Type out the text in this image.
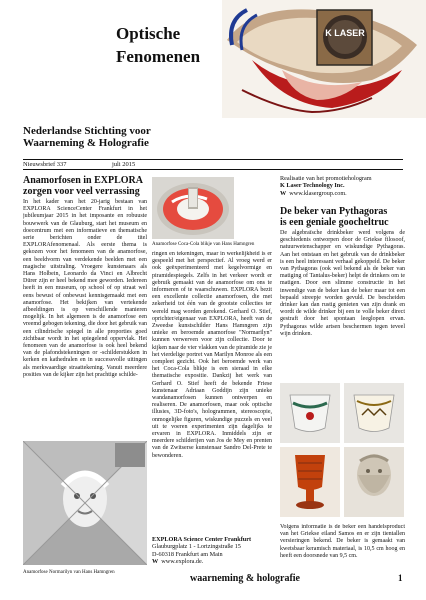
Optische
Fenomenen
K LASER
Nederlandse Stichting voor
Waarneming & Holografie
Nieuwsbrief 337	juli 2015
Anamorfosen in EXPLORA
zorgen voor veel verrassing

In het kader van het 20-jarig bestaan van EXPLORA ScienceCenter Frankfurt in het jubileumjaar 2015 in het imposante en robuuste bouwwerk van de Glauburg, start het museum en doecentrum met een informatieve en thematische serie berichten onder de titel EXPLORAfenomenaal. Als eerste thema is gekozen voor het fenomeen van de anamorfose, een beeldvorm van verdekende beelden met een magische uitstraling. Vroegere kunstenaars als Hans Holbein, Leonardo da Vinci en Albrecht Dürer zijn er heel bekend mee geworden. Iedereen heeft in een museum, op school of op straat wel eens bewust of onbewust kennisgemaakt met een anamorfose. Het bekijken van vertekende afbeeldingen is op verschillende manieren mogelijk. In het algemeen is de anamorfose een vreemd gebogen tekening, die door het gebruik van een cilindrische spiegel in alle proporties goed zichtbaar wordt in het spiegelend oppervlak. Het fenomeen van de anamorfose is ook heel bekend van de plafondstekeningen or -schilderstukken in kerken en kathedralen en in successvolle uitingen als merkwaardige straattekening. Vanuit meerdere posities van de kijker zijn het prachtige schilde-

Anamorfose Coca-Cola blikje van Hans Hamngren

ringen en tekeningen, maar in werkelijkheid is er gespeeld met het perspectief. Al vroeg werd er ook geëxperimenteerd met kegelvormige en piramidespiegels. Zelfs in het verkeer wordt er gebruik gemaakt van de anamorfose om ons te informeren of te waarschuwen. EXPLORA bezit een excellente collectie anamorfosen, die met zekerheid tot één van de grootste collecties ter wereld mag worden gerekend. Gerhard O. Stief, oprichter/eigenaar van EXPLORA, heeft van de Zweedse kunstschilder Hans Hamngren zijn unieke en beroemde anamorfose "Normarilyn" kunnen verwerven voor zijn collectie. Door te kijken naar de vier vlakken van de piramide zie je het vierdelige portret van Marilyn Monroe als een compleet gezicht. Ook het beroemde werk van het Coca-Cola blikje is een sieraad in elke thematische expositie. Dankzij het werk van Gerhard O. Stief heeft de bekende Friese kunstenaar Adriaan Goddijn zijn unieke wandanamorfosen kunnen ontwerpen en realiseren. De anamorfosen, maar ook optische illusies, 3D-foto's, hologrammen, stereoscopie, onmogelijke figuren, wiskundige puzzels en veel uit te voeren experimenten zijn dagelijks te ervaren in EXPLORA. Inmiddels zijn er meerdere schilderijen van Jos de Mey en prenten van de Zwitserse kunstenaar Sandro Del-Prete te bewonderen.

Anamorfose Normarilyn van Hans Hamngren
EXPLORA Science Center Frankfurt
Glauburgplatz 1 - Lortzingstraße 15
D-60318 Frankfurt am Main
W www.explora.de.
Realisatie van het promotiehologram
K Laser Technology Inc.
W www.klasergroup.com.
De beker van Pythagoras
is een geniale goocheltruc

De algebraïsche drinkbeker werd volgens de geschiedenis ontworpen door de Griekse filosoof, natuurwetenschapper en wiskundige Pythagoras. Aan het ontstaan en het gebruik van de drinkbeker is een heel interessant verhaal gekoppeld. De beker van Pythagoras (ook wel bekend als de beker van matiging of Tantalus-beker) helpt de drinkers om te matigen. Door een slimme constructie in het inwendige van de beker kan de beker maar tot een bepaald streepje worden gevuld. De bescheiden drinker kan dan rustig genieten van zijn drank en wordt de wilde drinker bij een te volle beker direct gestraft door het spontaan leeglopen ervan. Pythagoras wilde artsen beschermen tegen teveel wijn drinken.

Volgens informatie is de beker een handelsproduct van het Griekse eiland Samos en er zijn tientallen versieringen bekend. De beker is gemaakt van kwetsbaar keramisch materiaal, is 10,5 cm hoog en heeft een doorsnede van 9,5 cm.

waarneming & holografie	1
